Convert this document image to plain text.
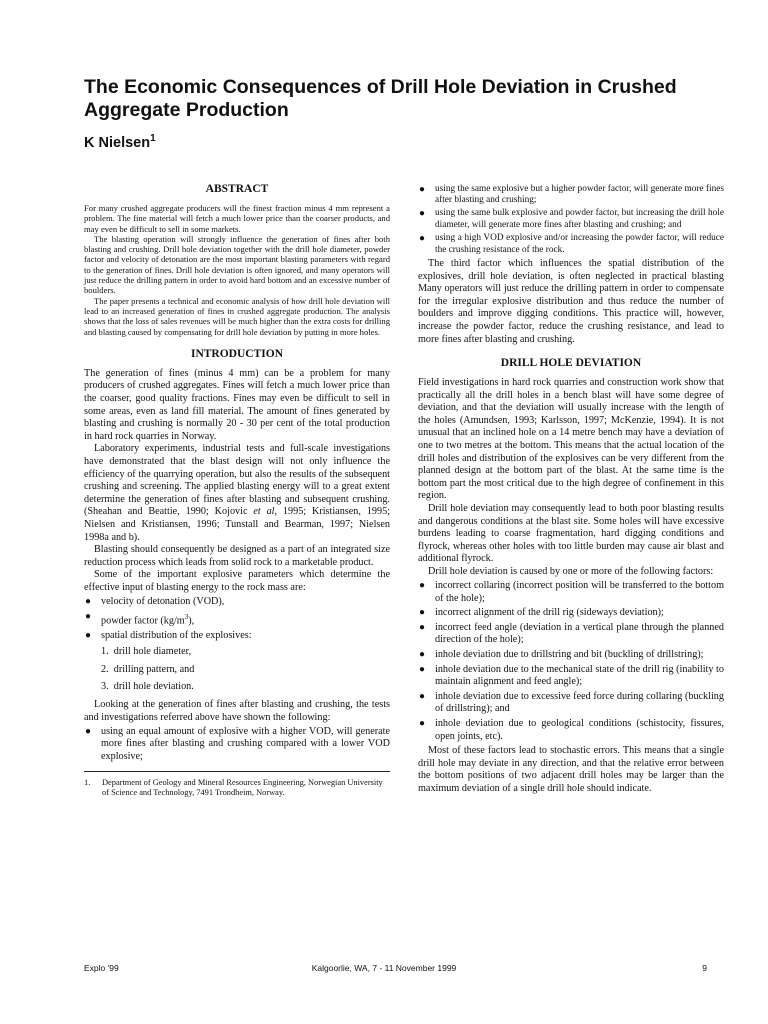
The Economic Consequences of Drill Hole Deviation in Crushed Aggregate Production
K Nielsen$^1$
ABSTRACT

For many crushed aggregate producers will the finest fraction minus 4 mm represent a problem. The fine material will fetch a much lower price than the coarser products, and may even be difficult to sell in some markets.

The blasting operation will strongly influence the generation of fines after both blasting and crushing. Drill hole deviation together with the drill hole diameter, powder factor and velocity of detonation are the most important blasting parameters with regard to the generation of fines. Drill hole deviation is often ignored, and many operators will just reduce the drilling pattern in order to avoid hard bottom and an excessive number of boulders.

The paper presents a technical and economic analysis of how drill hole deviation will lead to an increased generation of fines in crushed aggregate production. The analysis shows that the loss of sales revenues will be much higher than the extra costs for drilling and blasting caused by compensating for drill hole deviation by putting in more holes.

INTRODUCTION

The generation of fines (minus 4 mm) can be a problem for many producers of crushed aggregates. Fines will fetch a much lower price than the coarser, good quality fractions. Fines may even be difficult to sell in some areas, even as land fill material. The amount of fines generated by blasting and crushing is normally 20 - 30 per cent of the total production in hard rock quarries in Norway.

Laboratory experiments, industrial tests and full-scale investigations have demonstrated that the blast design will not only influence the efficiency of the quarrying operation, but also the results of the subsequent crushing and screening. The applied blasting energy will to a great extent determine the generation of fines after blasting and subsequent crushing. (Sheahan and Beattie, 1990; Kojovic et al, 1995; Kristiansen, 1995; Nielsen and Kristiansen, 1996; Tunstall and Bearman, 1997; Nielsen 1998a and b).

Blasting should consequently be designed as a part of an integrated size reduction process which leads from solid rock to a marketable product.

Some of the important explosive parameters which determine the effective input of blasting energy to the rock mass are:

● velocity of detonation (VOD),
● powder factor $(kg/m^3)$,
● spatial distribution of the explosives:
1.  drill hole diameter,
2.  drilling pattern, and
3.  drill hole deviation.

Looking at the generation of fines after blasting and crushing, the tests and investigations referred above have shown the following:

● using an equal amount of explosive with a higher VOD, will generate more fines after blasting and crushing compared with a lower VOD explosive;
1. Department of Geology and Mineral Resources Engineering, Norwegian University of Science and Technology, 7491 Trondheim, Norway.
● using the same explosive but a higher powder factor, will generate more fines after blasting and crushing;
● using the same bulk explosive and powder factor, but increasing the drill hole diameter, will generate more fines after blasting and crushing; and
● using a high VOD explosive and/or increasing the powder factor, will reduce the crushing resistance of the rock.

The third factor which influences the spatial distribution of the explosives, drill hole deviation, is often neglected in practical blasting Many operators will just reduce the drilling pattern in order to compensate for the irregular explosive distribution and thus reduce the number of boulders and improve digging conditions. This practice will, however, increase the powder factor, reduce the crushing resistance, and lead to more fines after blasting and crushing.

DRILL HOLE DEVIATION

Field investigations in hard rock quarries and construction work show that practically all the drill holes in a bench blast will have some degree of deviation, and that the deviation will usually increase with the length of the holes (Amundsen, 1993; Karlsson, 1997; McKenzie, 1994). It is not unusual that an inclined hole on a 14 metre bench may have a deviation of one to two metres at the bottom. This means that the actual location of the drill holes and distribution of the explosives can be very different from the planned design at the bottom part of the blast. At the same time is the bottom part the most critical due to the high degree of confinement in this region.

Drill hole deviation may consequently lead to both poor blasting results and dangerous conditions at the blast site. Some holes will have excessive burdens leading to coarse fragmentation, hard digging conditions and flyrock, whereas other holes with too little burden may cause air blast and additional flyrock.

Drill hole deviation is caused by one or more of the following factors:

● incorrect collaring (incorrect position will be transferred to the bottom of the hole);
● incorrect alignment of the drill rig (sideways deviation);
● incorrect feed angle (deviation in a vertical plane through the planned direction of the hole);
● inhole deviation due to drillstring and bit (buckling of drillstring);
● inhole deviation due to the mechanical state of the drill rig (inability to maintain alignment and feed angle);
● inhole deviation due to excessive feed force during collaring (buckling of drillstring); and
● inhole deviation due to geological conditions (schistocity, fissures, open joints, etc).

Most of these factors lead to stochastic errors. This means that a single drill hole may deviate in any direction, and that the relative error between the bottom positions of two adjacent drill holes may be larger than the maximum deviation of a single drill hole should indicate.

Explo '99	Kalgoorlie, WA, 7 - 11 November 1999	9
